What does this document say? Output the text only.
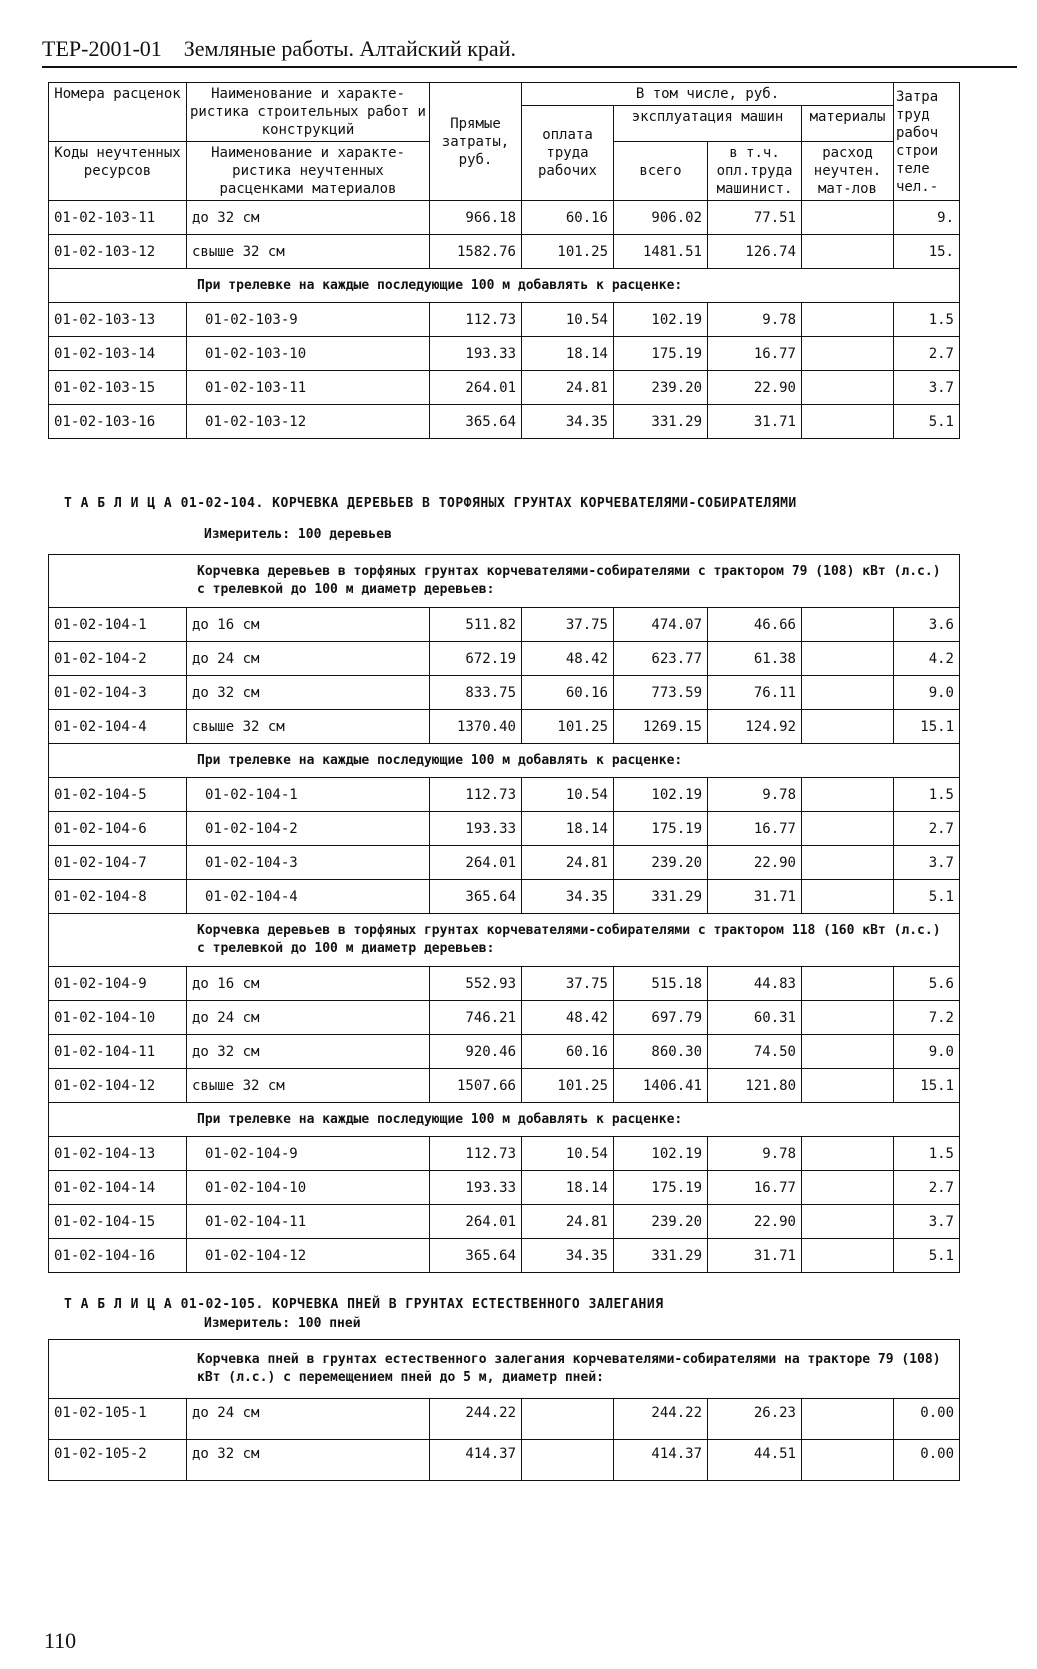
ТЕР-2001-01 Земляные работы. Алтайский край.
Номера расценок	Наименование и характе-ристика строительных работ и конструкций	Прямые затраты, руб.	В том числе, руб.				Затра труд рабоч строи теле чел.-
			оплата труда рабочих	эксплуатация машин		материалы	
Коды неучтенных ресурсов	Наименование и характе-ристика неучтенных расценками материалов			всего	в т.ч. опл.труда машинист.	расход неучтен. мат-лов	
01-02-103-11	до 32 см	966.18	60.16	906.02	77.51		9.
01-02-103-12	свыше 32 см	1582.76	101.25	1481.51	126.74		15.
При трелевке на каждые последующие 100 м добавлять к расценке:							
01-02-103-13	01-02-103-9	112.73	10.54	102.19	9.78		1.5
01-02-103-14	01-02-103-10	193.33	18.14	175.19	16.77		2.7
01-02-103-15	01-02-103-11	264.01	24.81	239.20	22.90		3.7
01-02-103-16	01-02-103-12	365.64	34.35	331.29	31.71		5.1
Т А Б Л И Ц А 01-02-104. КОРЧЕВКА ДЕРЕВЬЕВ В ТОРФЯНЫХ ГРУНТАХ КОРЧЕВАТЕЛЯМИ-СОБИРАТЕЛЯМИ
Измеритель: 100 деревьев
Корчевка деревьев в торфяных грунтах корчевателями-собирателями с трактором 79 (108) кВт (л.с.) с трелевкой до 100 м диаметр деревьев:							
01-02-104-1	до 16 см	511.82	37.75	474.07	46.66		3.6
01-02-104-2	до 24 см	672.19	48.42	623.77	61.38		4.2
01-02-104-3	до 32 см	833.75	60.16	773.59	76.11		9.0
01-02-104-4	свыше 32 см	1370.40	101.25	1269.15	124.92		15.1
При трелевке на каждые последующие 100 м добавлять к расценке:							
01-02-104-5	01-02-104-1	112.73	10.54	102.19	9.78		1.5
01-02-104-6	01-02-104-2	193.33	18.14	175.19	16.77		2.7
01-02-104-7	01-02-104-3	264.01	24.81	239.20	22.90		3.7
01-02-104-8	01-02-104-4	365.64	34.35	331.29	31.71		5.1
Корчевка деревьев в торфяных грунтах корчевателями-собирателями с трактором 118 (160 кВт (л.с.) с трелевкой до 100 м диаметр деревьев:							
01-02-104-9	до 16 см	552.93	37.75	515.18	44.83		5.6
01-02-104-10	до 24 см	746.21	48.42	697.79	60.31		7.2
01-02-104-11	до 32 см	920.46	60.16	860.30	74.50		9.0
01-02-104-12	свыше 32 см	1507.66	101.25	1406.41	121.80		15.1
При трелевке на каждые последующие 100 м добавлять к расценке:							
01-02-104-13	01-02-104-9	112.73	10.54	102.19	9.78		1.5
01-02-104-14	01-02-104-10	193.33	18.14	175.19	16.77		2.7
01-02-104-15	01-02-104-11	264.01	24.81	239.20	22.90		3.7
01-02-104-16	01-02-104-12	365.64	34.35	331.29	31.71		5.1
Т А Б Л И Ц А 01-02-105. КОРЧЕВКА ПНЕЙ В ГРУНТАХ ЕСТЕСТВЕННОГО ЗАЛЕГАНИЯ
Измеритель: 100 пней
Корчевка пней в грунтах естественного залегания корчевателями-собирателями на тракторе 79 (108) кВт (л.с.) с перемещением пней до 5 м, диаметр пней:							
01-02-105-1	до 24 см	244.22		244.22	26.23		0.00
01-02-105-2	до 32 см	414.37		414.37	44.51		0.00
110
